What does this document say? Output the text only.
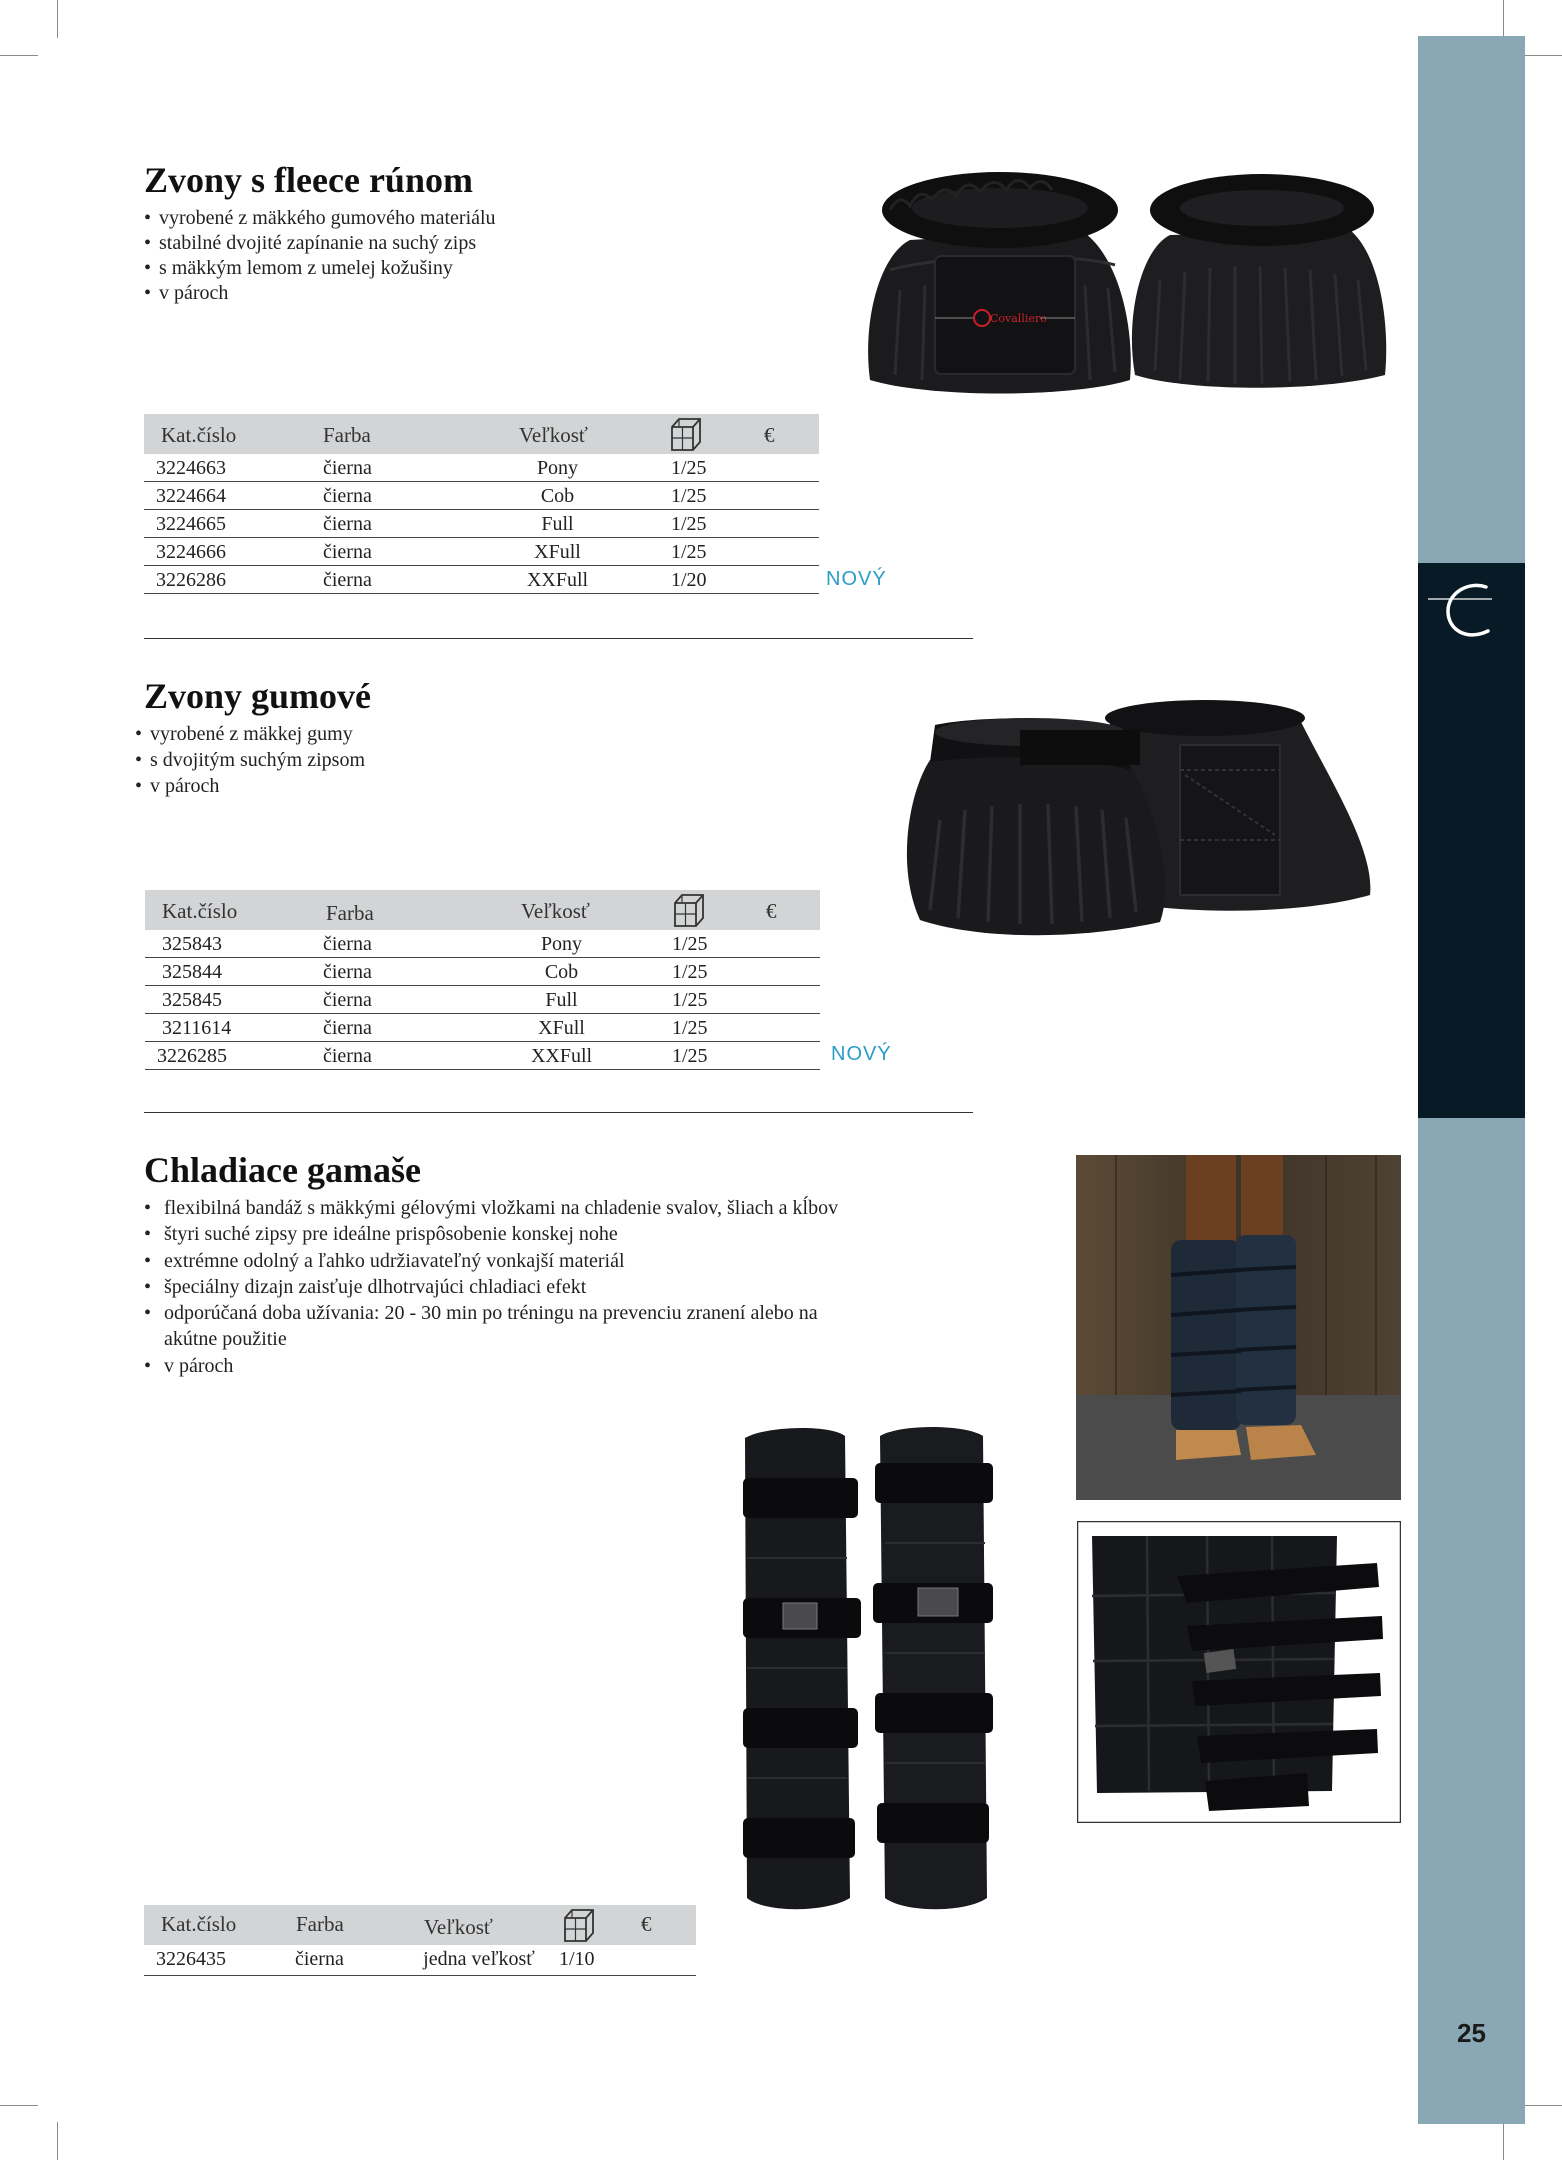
25
Zvony s fleece rúnom
• vyrobené z mäkkého gumového materiálu
• stabilné dvojité zapínanie na suchý zips
• s mäkkým lemom z umelej kožušiny
• v pároch
Covalliero
Kat.číslo	Farba	Veľkosť	€
3224663	čierna	Pony	1/25
3224664	čierna	Cob	1/25
3224665	čierna	Full	1/25
3224666	čierna	XFull	1/25
3226286	čierna	XXFull	1/20	NOVÝ
Zvony gumové
• vyrobené z mäkkej gumy
• s dvojitým suchým zipsom
• v pároch
Kat.číslo	Farba	Veľkosť	€
325843	čierna	Pony	1/25
325844	čierna	Cob	1/25
325845	čierna	Full	1/25
3211614	čierna	XFull	1/25
3226285	čierna	XXFull	1/25	NOVÝ
Chladiace gamaše
• flexibilná bandáž s mäkkými gélovými vložkami na chladenie svalov, šliach a kĺbov
• štyri suché zipsy pre ideálne prispôsobenie konskej nohe
• extrémne odolný a ľahko udržiavateľný vonkajší materiál
• špeciálny dizajn zaisťuje dlhotrvajúci chladiaci efekt
• odporúčaná doba užívania: 20 - 30 min po tréningu na prevenciu zranení alebo na
akútne použitie
• v pároch
Kat.číslo	Farba	Veľkosť	€
3226435	čierna	jedna veľkosť	1/10
